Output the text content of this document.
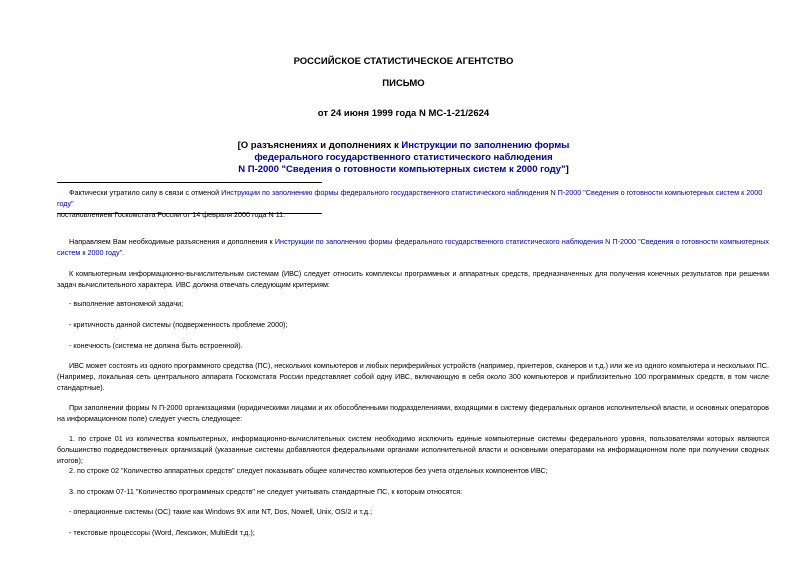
РОССИЙСКОЕ СТАТИСТИЧЕСКОЕ АГЕНТСТВО
ПИСЬМО
от 24 июня 1999 года N МС-1-21/2624
[О разъяснениях и дополнениях к Инструкции по заполнению формы
федерального государственного статистического наблюдения
N П-2000 "Сведения о готовности компьютерных систем к 2000 году"]
Фактически утратило силу в связи с отменой Инструкции по заполнению формы федерального государственного статистического наблюдения N П-2000 "Сведения о готовности компьютерных систем к 2000 году"
постановлением Госкомстата России от 14 февраля 2000 года N 11.
Направляем Вам необходимые разъяснения и дополнения к Инструкции по заполнению формы федерального государственного статистического наблюдения N П-2000 "Сведения о готовности компьютерных систем к 2000 году".
К компьютерным информационно-вычислительным системам (ИВС) следует относить комплексы программных и аппаратных средств, предназначенных для получения конечных результатов при решении задач вычислительного характера. ИВС должна отвечать следующим критериям:
- выполнение автономной задачи;
- критичность данной системы (подверженность проблеме 2000);
- конечность (система не должна быть встроенной).
ИВС может состоять из одного программного средства (ПС), нескольких компьютеров и любых периферийных устройств (например, принтеров, сканеров и т.д.) или же из одного компьютера и нескольких ПС. (Например, локальная сеть центрального аппарата Госкомстата России представляет собой одну ИВС, включающую в себя около 300 компьютеров и приблизительно 100 программных средств, в том числе стандартные).
При заполнении формы N П-2000 организациями (юридическими лицами и их обособленными подразделениями, входящими в систему федеральных органов исполнительной власти, и основных операторов на информационном поле) следует учесть следующее:
1. по строке 01 из количества компьютерных, информационно-вычислительных систем необходимо исключить единые компьютерные системы федерального уровня, пользователями которых являются большинство подведомственных организаций (указанные системы добавляются федеральными органами исполнительной власти и основными операторами на информационном поле при получении сводных итогов);
2. по строке 02 "Количество аппаратных средств" следует показывать общее количество компьютеров без учета отдельных компонентов ИВС;
3. по строкам 07-11 "Количество программных средств" не следует учитывать стандартные ПС, к которым относятся:
- операционные системы (ОС) такие как Windows 9X или NT, Dos, Nowell, Unix, OS/2 и т.д.;
- текстовые процессоры (Word, Лексикон, MultiEdit т.д.);
